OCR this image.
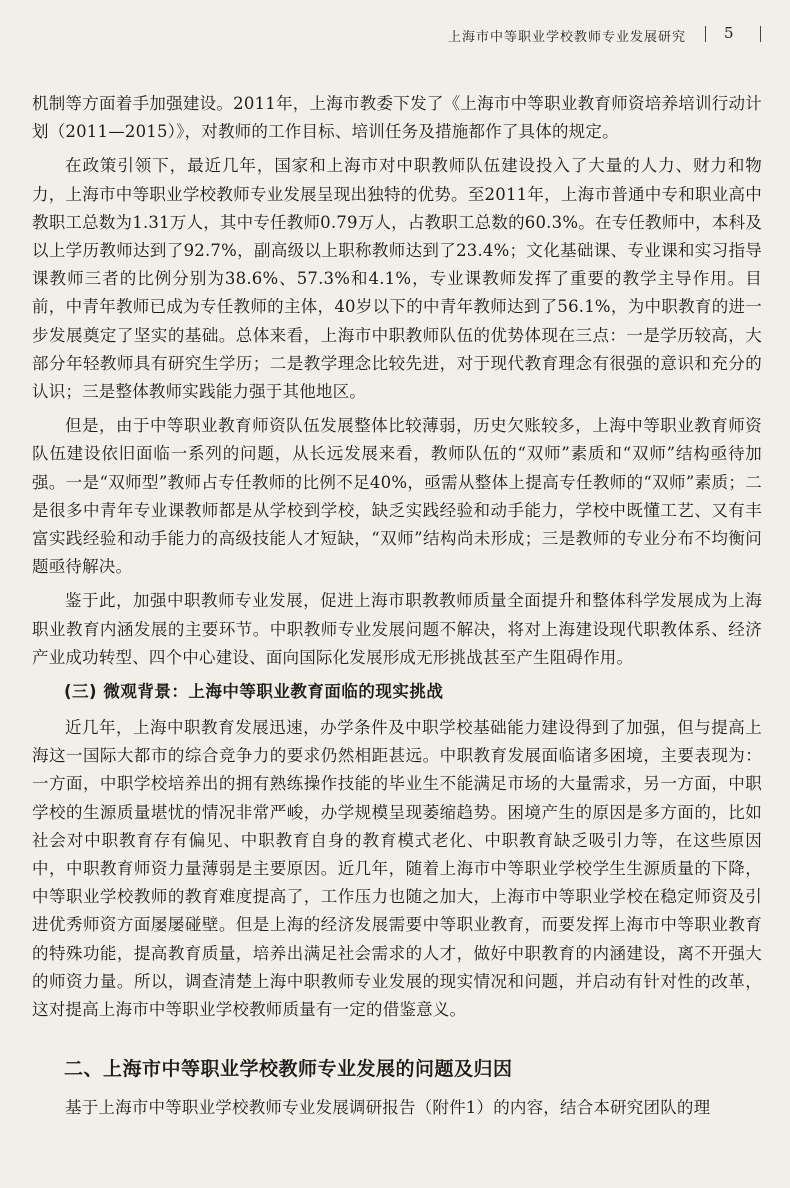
上海市中等职业学校教师专业发展研究	5

机制等方面着手加强建设。2011年，上海市教委下发了《上海市中等职业教育师资培养培训行动计划（2011—2015）》，对教师的工作目标、培训任务及措施都作了具体的规定。

在政策引领下，最近几年，国家和上海市对中职教师队伍建设投入了大量的人力、财力和物力，上海市中等职业学校教师专业发展呈现出独特的优势。至2011年，上海市普通中专和职业高中教职工总数为1.31万人，其中专任教师0.79万人，占教职工总数的60.3%。在专任教师中，本科及以上学历教师达到了92.7%，副高级以上职称教师达到了23.4%；文化基础课、专业课和实习指导课教师三者的比例分别为38.6%、57.3%和4.1%，专业课教师发挥了重要的教学主导作用。目前，中青年教师已成为专任教师的主体，40岁以下的中青年教师达到了56.1%，为中职教育的进一步发展奠定了坚实的基础。总体来看，上海市中职教师队伍的优势体现在三点：一是学历较高，大部分年轻教师具有研究生学历；二是教学理念比较先进，对于现代教育理念有很强的意识和充分的认识；三是整体教师实践能力强于其他地区。

但是，由于中等职业教育师资队伍发展整体比较薄弱，历史欠账较多，上海中等职业教育师资队伍建设依旧面临一系列的问题，从长远发展来看，教师队伍的“双师”素质和“双师”结构亟待加强。一是“双师型”教师占专任教师的比例不足40%，亟需从整体上提高专任教师的“双师”素质；二是很多中青年专业课教师都是从学校到学校，缺乏实践经验和动手能力，学校中既懂工艺、又有丰富实践经验和动手能力的高级技能人才短缺，“双师”结构尚未形成；三是教师的专业分布不均衡问题亟待解决。

鉴于此，加强中职教师专业发展，促进上海市职教教师质量全面提升和整体科学发展成为上海职业教育内涵发展的主要环节。中职教师专业发展问题不解决，将对上海建设现代职教体系、经济产业成功转型、四个中心建设、面向国际化发展形成无形挑战甚至产生阻碍作用。

(三) 微观背景：上海中等职业教育面临的现实挑战

近几年，上海中职教育发展迅速，办学条件及中职学校基础能力建设得到了加强，但与提高上海这一国际大都市的综合竞争力的要求仍然相距甚远。中职教育发展面临诸多困境，主要表现为：一方面，中职学校培养出的拥有熟练操作技能的毕业生不能满足市场的大量需求，另一方面，中职学校的生源质量堪忧的情况非常严峻，办学规模呈现萎缩趋势。困境产生的原因是多方面的，比如社会对中职教育存有偏见、中职教育自身的教育模式老化、中职教育缺乏吸引力等，在这些原因中，中职教育师资力量薄弱是主要原因。近几年，随着上海市中等职业学校学生生源质量的下降，中等职业学校教师的教育难度提高了，工作压力也随之加大，上海市中等职业学校在稳定师资及引进优秀师资方面屡屡碰壁。但是上海的经济发展需要中等职业教育，而要发挥上海市中等职业教育的特殊功能，提高教育质量，培养出满足社会需求的人才，做好中职教育的内涵建设，离不开强大的师资力量。所以，调查清楚上海中职教师专业发展的现实情况和问题，并启动有针对性的改革，这对提高上海市中等职业学校教师质量有一定的借鉴意义。

二、上海市中等职业学校教师专业发展的问题及归因

基于上海市中等职业学校教师专业发展调研报告（附件1）的内容，结合本研究团队的理
